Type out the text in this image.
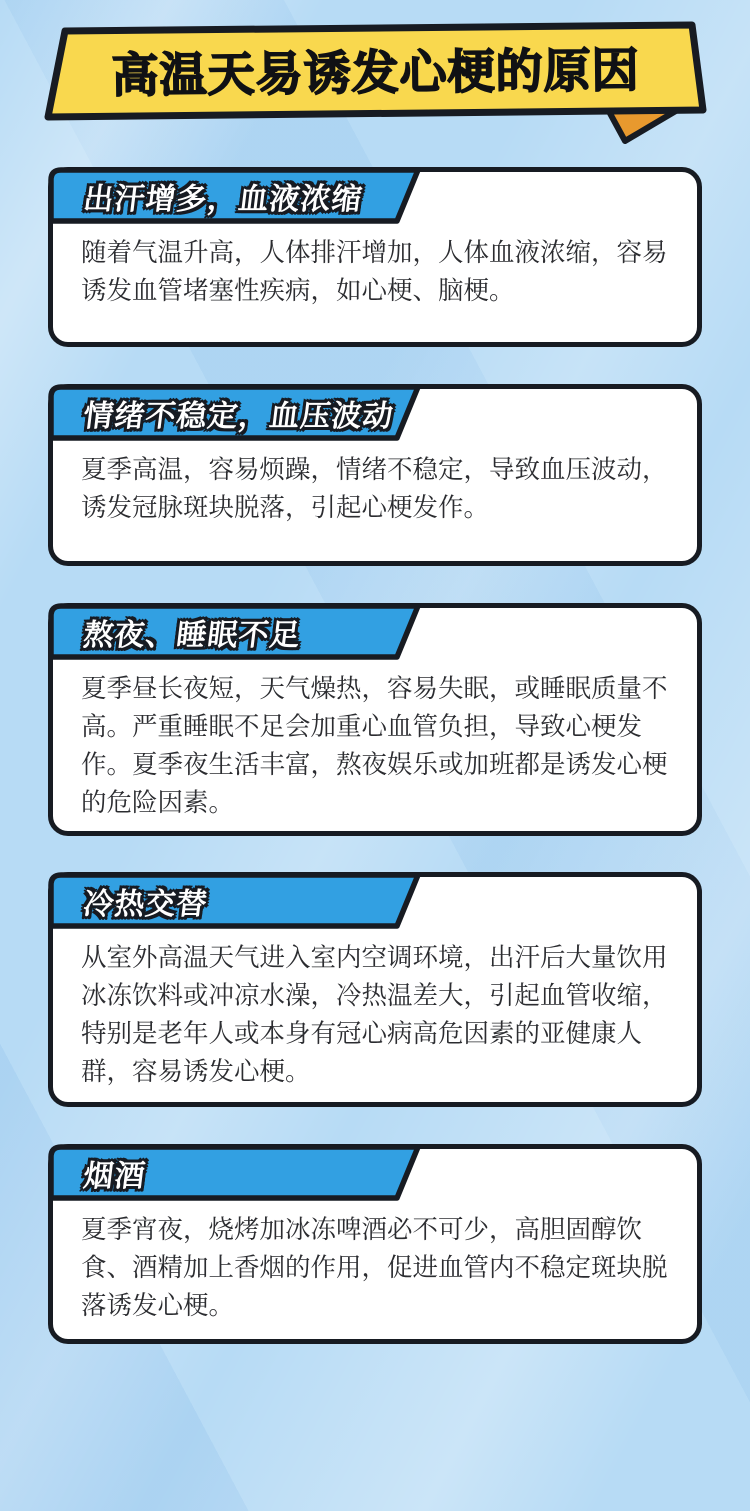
高温天易诱发心梗的原因

随着气温升高，人体排汗增加，人体血液浓缩，容易诱发血管堵塞性疾病，如心梗、脑梗。

出汗增多，血液浓缩

夏季高温，容易烦躁，情绪不稳定，导致血压波动，诱发冠脉斑块脱落，引起心梗发作。

情绪不稳定，血压波动

夏季昼长夜短，天气燥热，容易失眠，或睡眠质量不高。严重睡眠不足会加重心血管负担，导致心梗发作。夏季夜生活丰富，熬夜娱乐或加班都是诱发心梗的危险因素。

熬夜、睡眠不足

从室外高温天气进入室内空调环境，出汗后大量饮用冰冻饮料或冲凉水澡，冷热温差大，引起血管收缩，特别是老年人或本身有冠心病高危因素的亚健康人群，容易诱发心梗。

冷热交替

夏季宵夜，烧烤加冰冻啤酒必不可少，高胆固醇饮食、酒精加上香烟的作用，促进血管内不稳定斑块脱落诱发心梗。

烟酒
